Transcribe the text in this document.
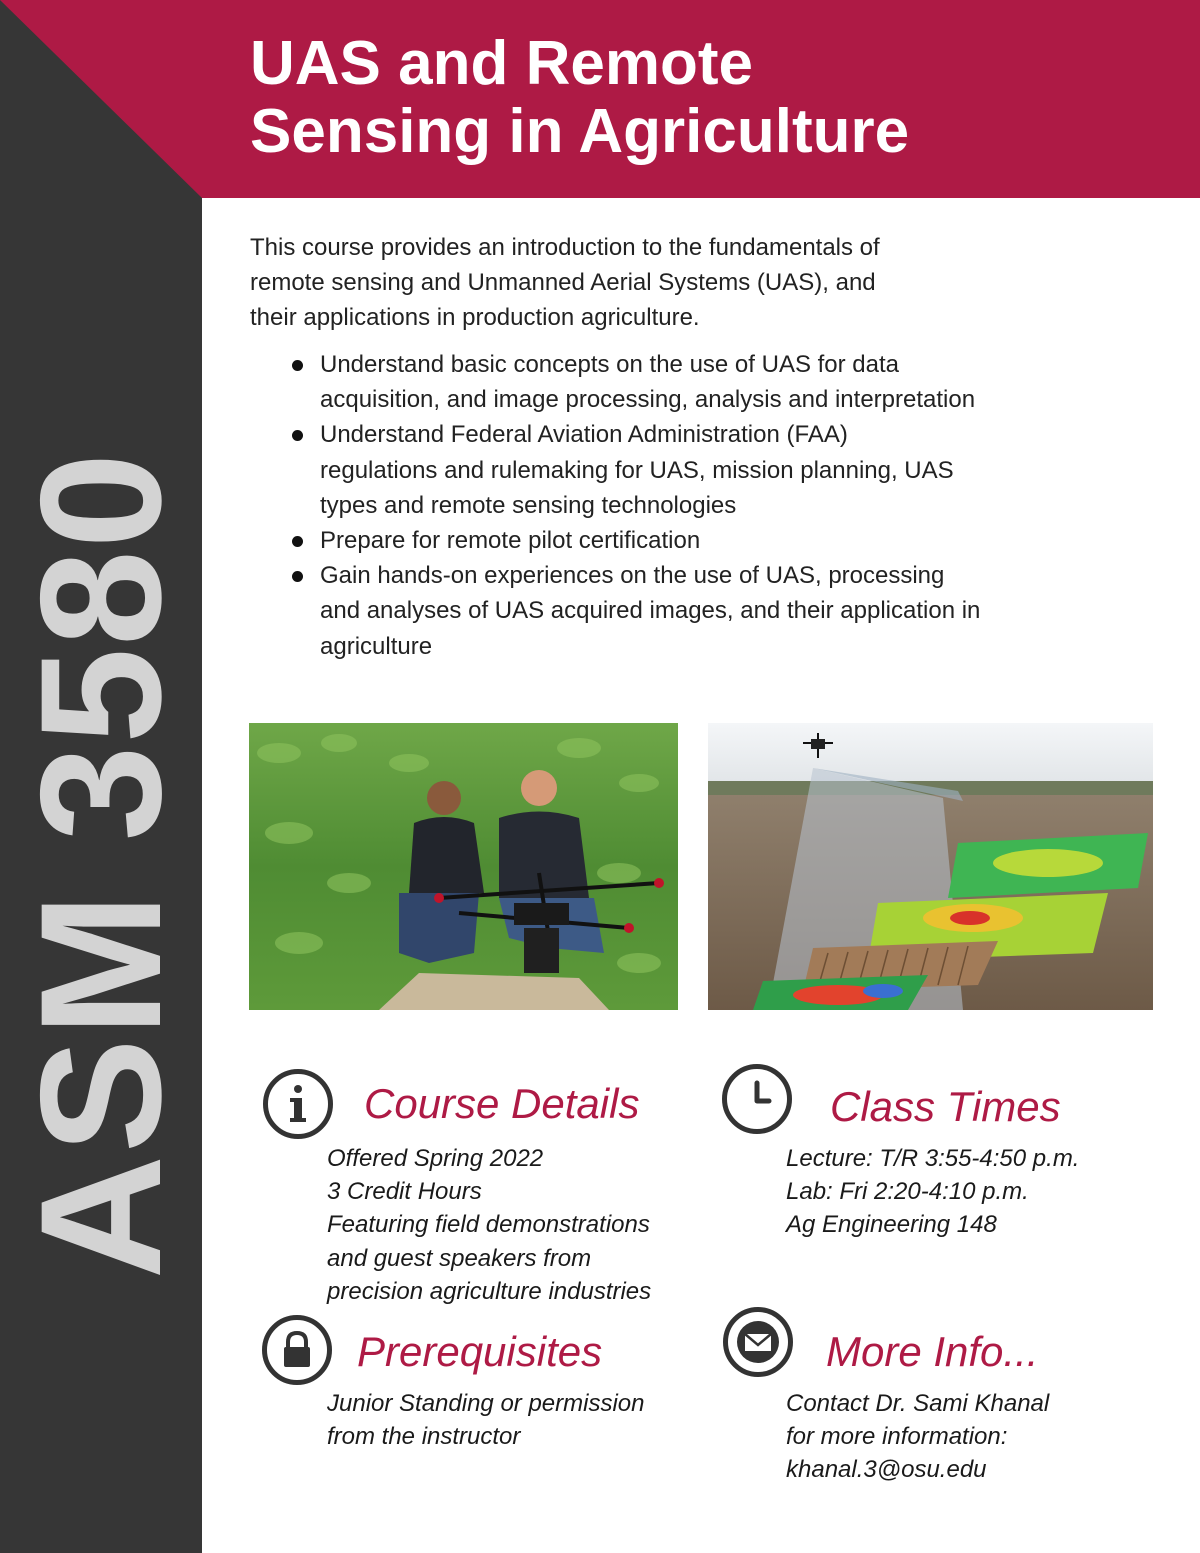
ASM 3580
UAS and Remote
Sensing in Agriculture
This course provides an introduction to the fundamentals of
remote sensing and Unmanned Aerial Systems (UAS), and
their applications in production agriculture.
Understand basic concepts on the use of UAS for data
acquisition, and image processing, analysis and interpretation
Understand Federal Aviation Administration (FAA)
regulations and rulemaking for UAS, mission planning, UAS
types and remote sensing technologies
Prepare for remote pilot certification
Gain hands-on experiences on the use of UAS, processing
and analyses of UAS acquired images, and their application in
agriculture
Course Details
Offered Spring 2022
3 Credit Hours
Featuring field demonstrations
and guest speakers from
precision agriculture industries
Class Times
Lecture: T/R 3:55-4:50 p.m.
Lab: Fri 2:20-4:10 p.m.
Ag Engineering 148
Prerequisites
Junior Standing or permission
from the instructor
More Info...
Contact Dr. Sami Khanal
for more information:
khanal.3@osu.edu
